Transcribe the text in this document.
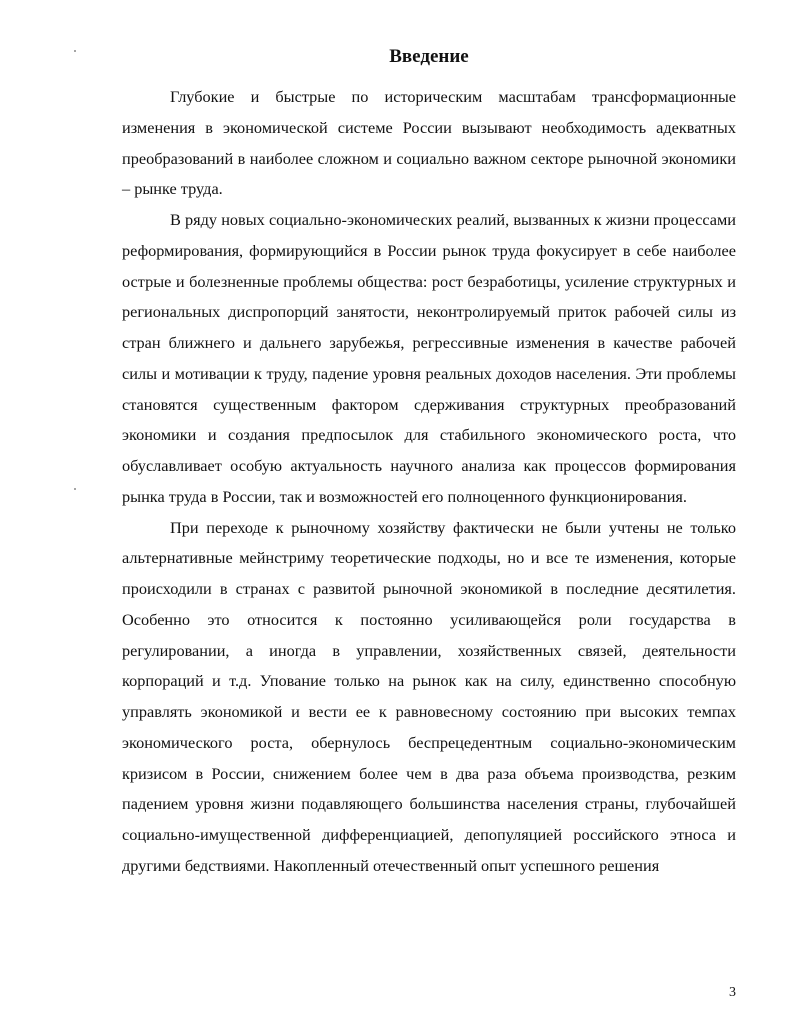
Введение

Глубокие и быстрые по историческим масштабам трансформационные изменения в экономической системе России вызывают необходимость адекватных преобразований в наиболее сложном и социально важном секторе рыночной экономики – рынке труда.

В ряду новых социально-экономических реалий, вызванных к жизни процессами реформирования, формирующийся в России рынок труда фокусирует в себе наиболее острые и болезненные проблемы общества: рост безработицы, усиление структурных и региональных диспропорций занятости, неконтролируемый приток рабочей силы из стран ближнего и дальнего зарубежья, регрессивные изменения в качестве рабочей силы и мотивации к труду, падение уровня реальных доходов населения. Эти проблемы становятся существенным фактором сдерживания структурных преобразований экономики и создания предпосылок для стабильного экономического роста, что обуславливает особую актуальность научного анализа как процессов формирования рынка труда в России, так и возможностей его полноценного функционирования.

При переходе к рыночному хозяйству фактически не были учтены не только альтернативные мейнстриму теоретические подходы, но и все те изменения, которые происходили в странах с развитой рыночной экономикой в последние десятилетия. Особенно это относится к постоянно усиливающейся роли государства в регулировании, а иногда в управлении, хозяйственных связей, деятельности корпораций и т.д. Упование только на рынок как на силу, единственно способную управлять экономикой и вести ее к равновесному состоянию при высоких темпах экономического роста, обернулось беспрецедентным социально-экономическим кризисом в России, снижением более чем в два раза объема производства, резким падением уровня жизни подавляющего большинства населения страны, глубочайшей социально-имущественной дифференциацией, депопуляцией российского этноса и другими бедствиями. Накопленный отечественный опыт успешного решения

3
